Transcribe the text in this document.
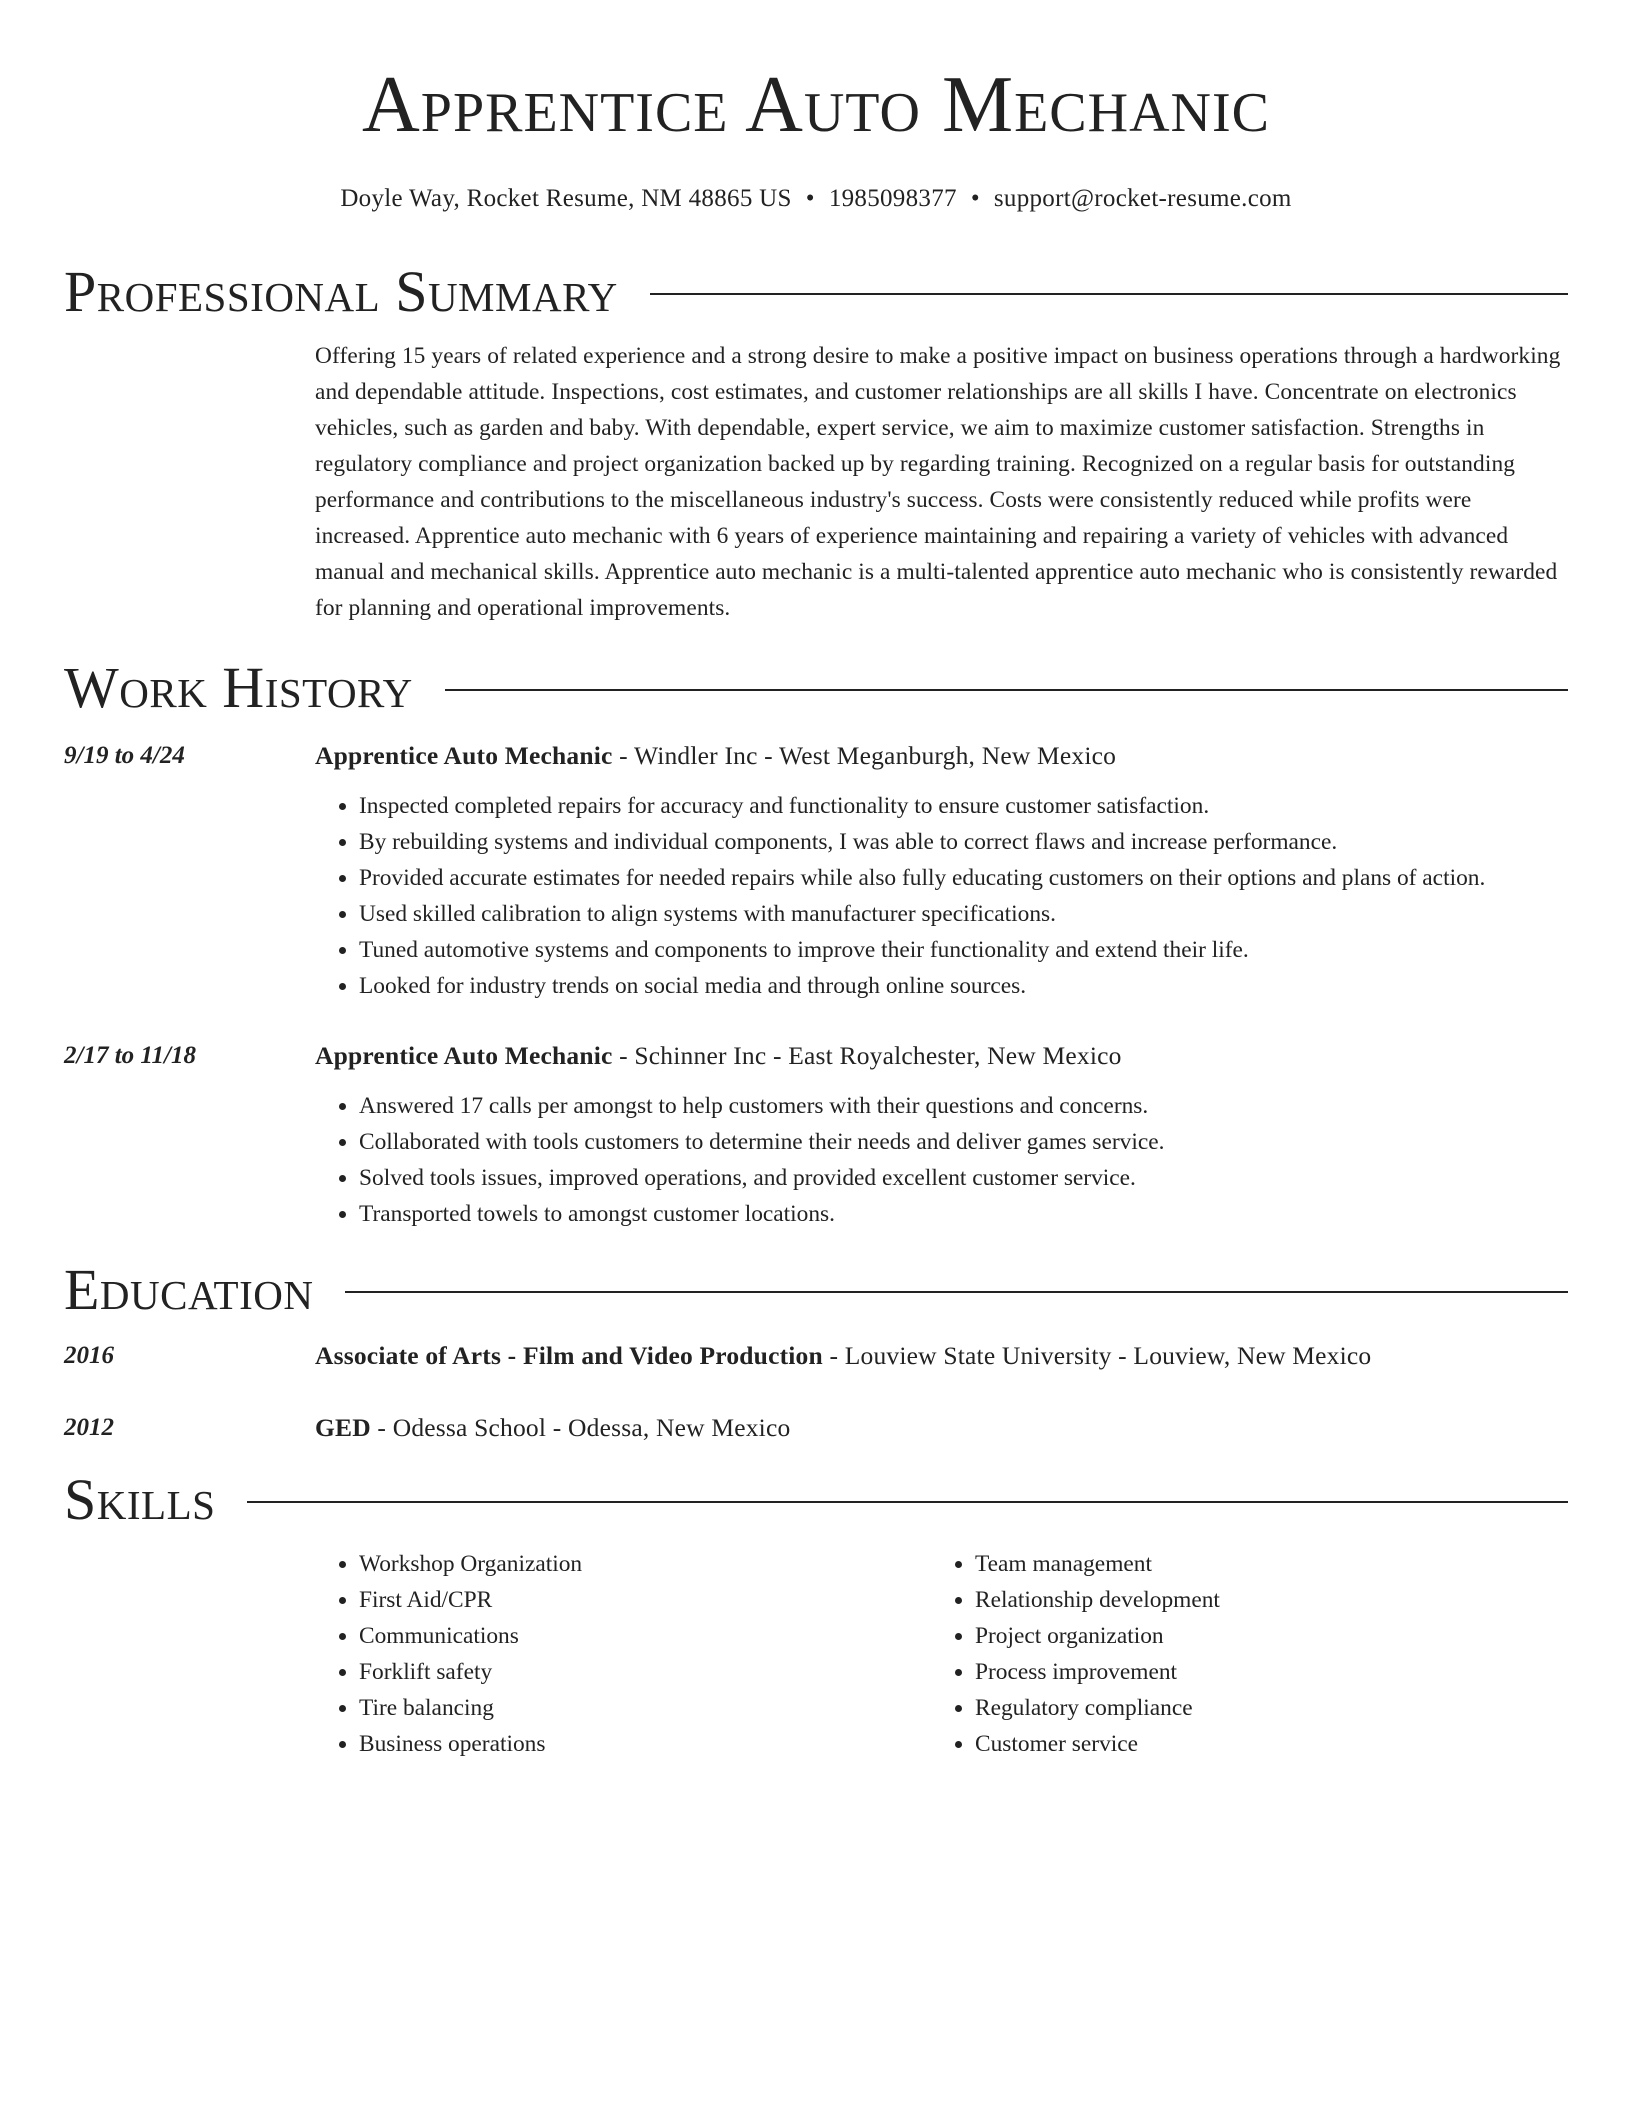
Apprentice Auto Mechanic
Doyle Way, Rocket Resume, NM 48865 US • 1985098377 • support@rocket-resume.com
Professional Summary
Offering 15 years of related experience and a strong desire to make a positive impact on business operations through a hardworking and dependable attitude. Inspections, cost estimates, and customer relationships are all skills I have. Concentrate on electronics vehicles, such as garden and baby. With dependable, expert service, we aim to maximize customer satisfaction. Strengths in regulatory compliance and project organization backed up by regarding training. Recognized on a regular basis for outstanding performance and contributions to the miscellaneous industry's success. Costs were consistently reduced while profits were increased. Apprentice auto mechanic with 6 years of experience maintaining and repairing a variety of vehicles with advanced manual and mechanical skills. Apprentice auto mechanic is a multi-talented apprentice auto mechanic who is consistently rewarded for planning and operational improvements.
Work History
9/19 to 4/24	Apprentice Auto Mechanic - Windler Inc - West Meganburgh, New Mexico
• Inspected completed repairs for accuracy and functionality to ensure customer satisfaction.
• By rebuilding systems and individual components, I was able to correct flaws and increase performance.
• Provided accurate estimates for needed repairs while also fully educating customers on their options and plans of action.
• Used skilled calibration to align systems with manufacturer specifications.
• Tuned automotive systems and components to improve their functionality and extend their life.
• Looked for industry trends on social media and through online sources.
2/17 to 11/18	Apprentice Auto Mechanic - Schinner Inc - East Royalchester, New Mexico
• Answered 17 calls per amongst to help customers with their questions and concerns.
• Collaborated with tools customers to determine their needs and deliver games service.
• Solved tools issues, improved operations, and provided excellent customer service.
• Transported towels to amongst customer locations.
Education
2016	Associate of Arts - Film and Video Production - Louview State University - Louview, New Mexico
2012	GED - Odessa School - Odessa, New Mexico
Skills
• Workshop Organization
• First Aid/CPR
• Communications
• Forklift safety
• Tire balancing
• Business operations
• Team management
• Relationship development
• Project organization
• Process improvement
• Regulatory compliance
• Customer service
